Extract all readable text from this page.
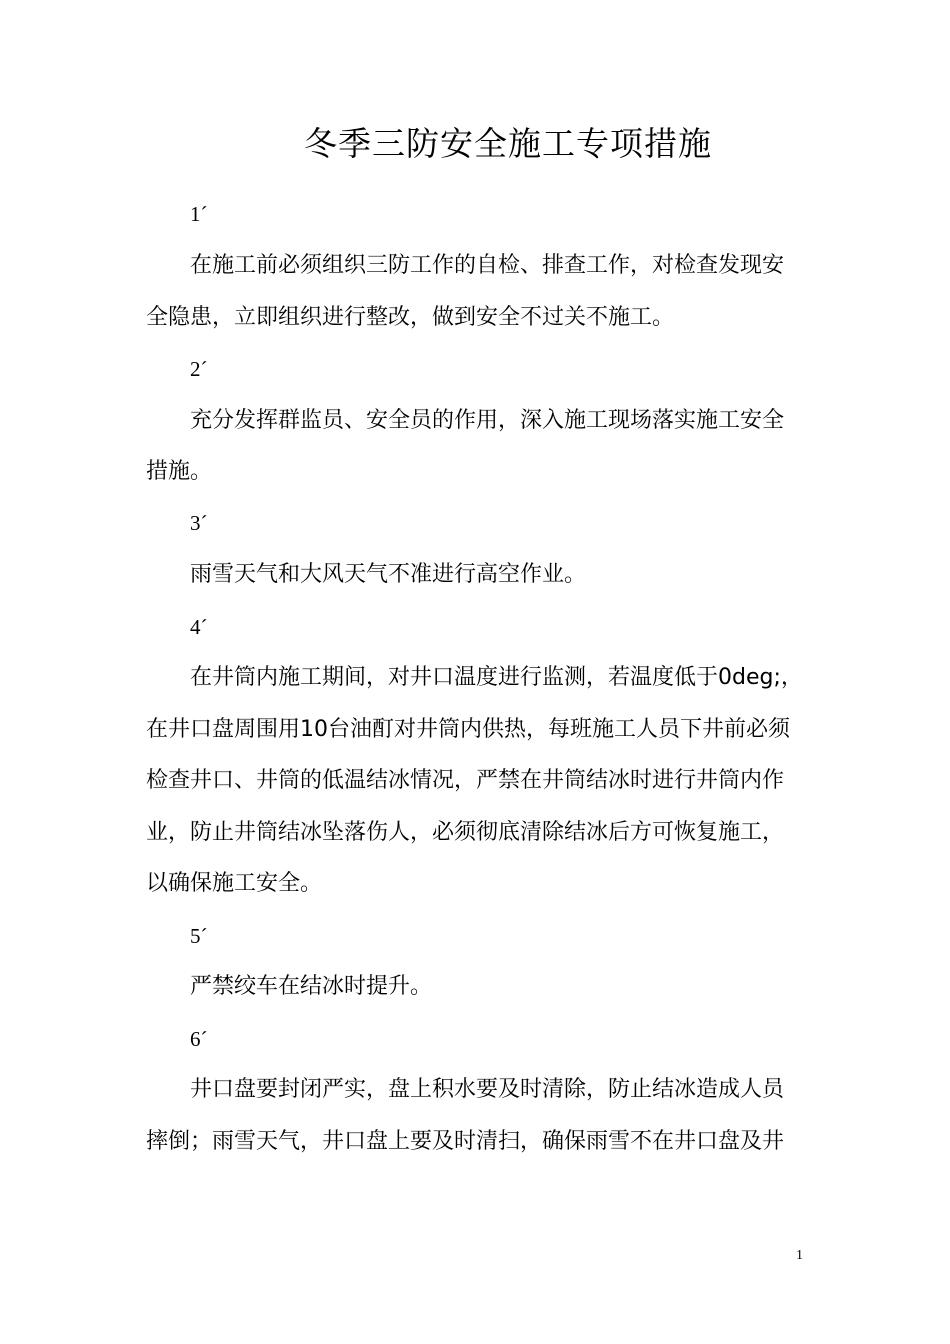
冬季三防安全施工专项措施
1´
在施工前必须组织三防工作的自检、排查工作，对检查发现安
全隐患，立即组织进行整改，做到安全不过关不施工。
2´
充分发挥群监员、安全员的作用，深入施工现场落实施工安全
措施。
3´
雨雪天气和大风天气不准进行高空作业。
4´
在井筒内施工期间，对井口温度进行监测，若温度低于0deg;，
在井口盘周围用10台油酊对井筒内供热，每班施工人员下井前必须
检查井口、井筒的低温结冰情况，严禁在井筒结冰时进行井筒内作
业，防止井筒结冰坠落伤人，必须彻底清除结冰后方可恢复施工，
以确保施工安全。
5´
严禁绞车在结冰时提升。
6´
井口盘要封闭严实，盘上积水要及时清除，防止结冰造成人员
摔倒；雨雪天气，井口盘上要及时清扫，确保雨雪不在井口盘及井
1
